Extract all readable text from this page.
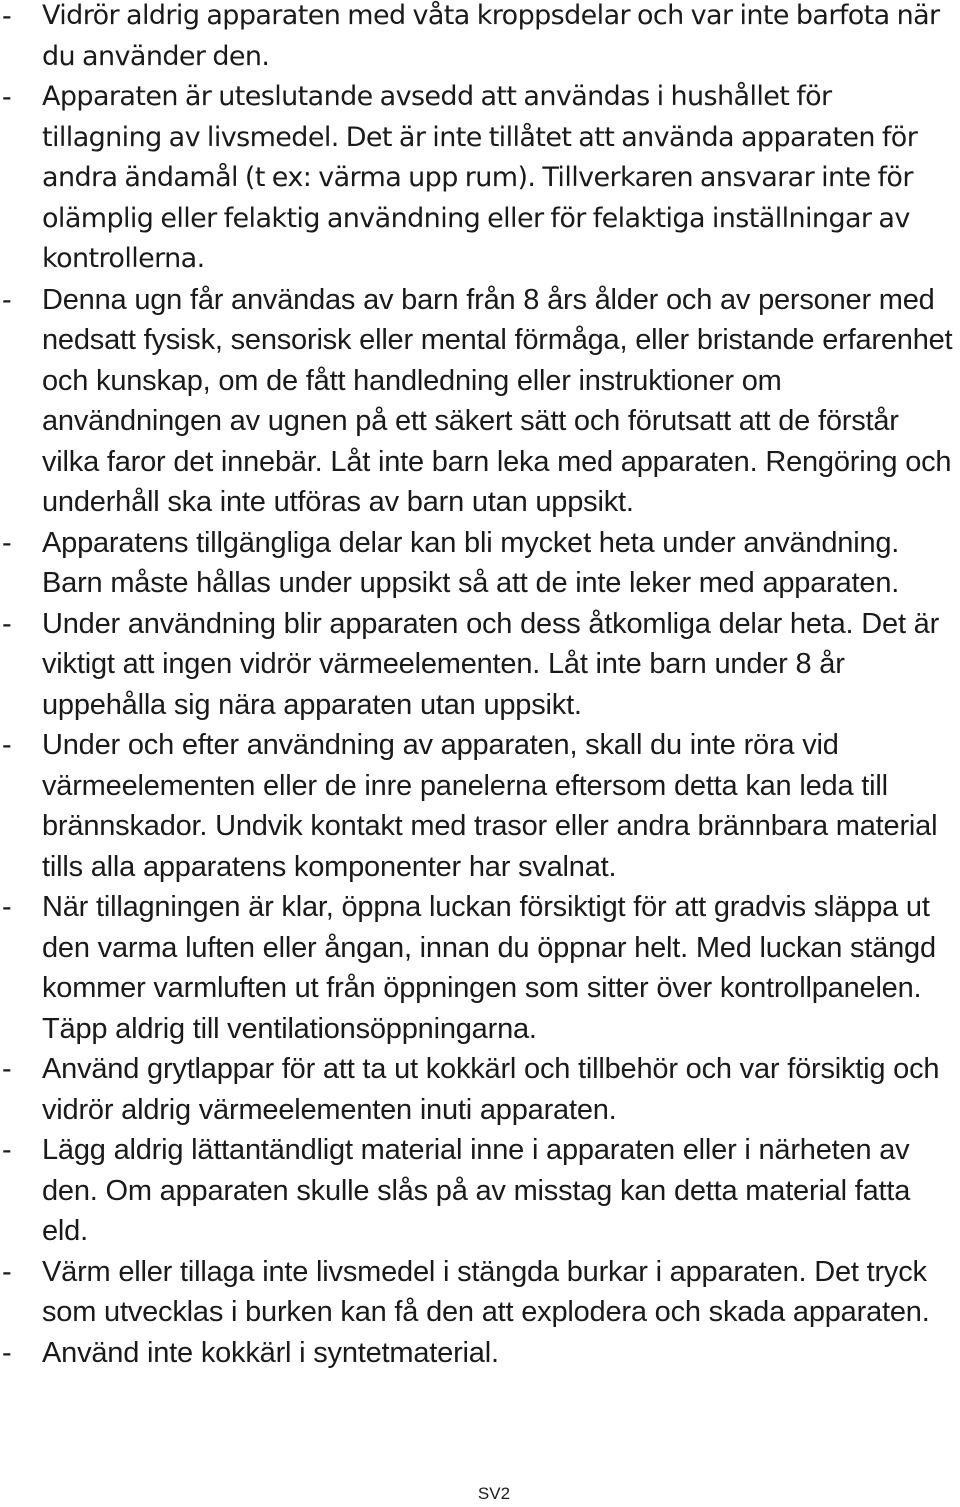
- Vidrör aldrig apparaten med våta kroppsdelar och var inte barfota när du använder den.
- Apparaten är uteslutande avsedd att användas i hushållet för tillagning av livsmedel. Det är inte tillåtet att använda apparaten för andra ändamål (t ex: värma upp rum). Tillverkaren ansvarar inte för olämplig eller felaktig användning eller för felaktiga inställningar av kontrollerna.
- Denna ugn får användas av barn från 8 års ålder och av personer med nedsatt fysisk, sensorisk eller mental förmåga, eller bristande erfarenhet och kunskap, om de fått handledning eller instruktioner om användningen av ugnen på ett säkert sätt och förutsatt att de förstår vilka faror det innebär. Låt inte barn leka med apparaten. Rengöring och underhåll ska inte utföras av barn utan uppsikt.
- Apparatens tillgängliga delar kan bli mycket heta under användning. Barn måste hållas under uppsikt så att de inte leker med apparaten.
- Under användning blir apparaten och dess åtkomliga delar heta. Det är viktigt att ingen vidrör värmeelementen. Låt inte barn under 8 år uppehålla sig nära apparaten utan uppsikt.
- Under och efter användning av apparaten, skall du inte röra vid värmeelementen eller de inre panelerna eftersom detta kan leda till brännskador. Undvik kontakt med trasor eller andra brännbara material tills alla apparatens komponenter har svalnat.
- När tillagningen är klar, öppna luckan försiktigt för att gradvis släppa ut den varma luften eller ångan, innan du öppnar helt. Med luckan stängd kommer varmluften ut från öppningen som sitter över kontrollpanelen. Täpp aldrig till ventilationsöppningarna.
- Använd grytlappar för att ta ut kokkärl och tillbehör och var försiktig och vidrör aldrig värmeelementen inuti apparaten.
- Lägg aldrig lättantändligt material inne i apparaten eller i närheten av den. Om apparaten skulle slås på av misstag kan detta material fatta eld.
- Värm eller tillaga inte livsmedel i stängda burkar i apparaten. Det tryck som utvecklas i burken kan få den att explodera och skada apparaten.
- Använd inte kokkärl i syntetmaterial.
SV2
